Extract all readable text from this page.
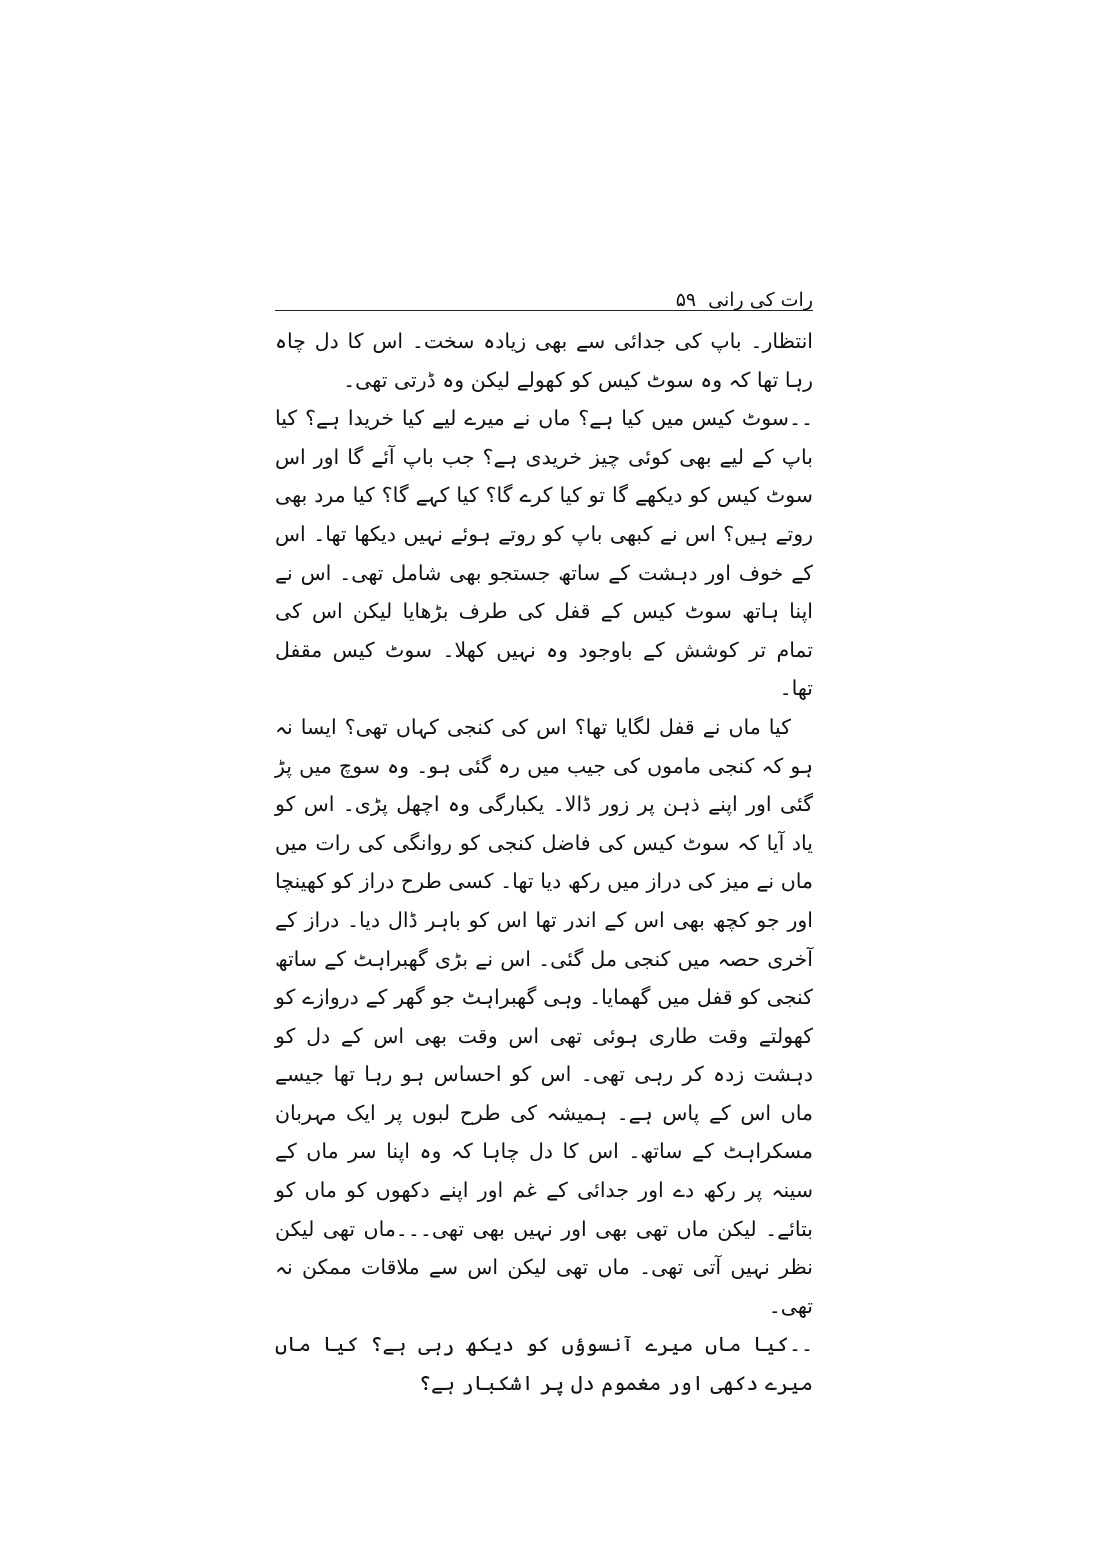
رات کی رانی
۵۹

انتظار۔ باپ کی جدائی سے بھی زیادہ سخت۔ اس کا دل چاہ رہا تھا کہ وہ سوٹ کیس کو کھولے لیکن وہ ڈرتی تھی۔

۔۔سوٹ کیس میں کیا ہے؟ ماں نے میرے لیے کیا خریدا ہے؟ کیا باپ کے لیے بھی کوئی چیز خریدی ہے؟ جب باپ آئے گا اور اس سوٹ کیس کو دیکھے گا تو کیا کرے گا؟ کیا کہے گا؟ کیا مرد بھی روتے ہیں؟ اس نے کبھی باپ کو روتے ہوئے نہیں دیکھا تھا۔ اس کے خوف اور دہشت کے ساتھ جستجو بھی شامل تھی۔ اس نے اپنا ہاتھ سوٹ کیس کے قفل کی طرف بڑھایا لیکن اس کی تمام تر کوشش کے باوجود وہ نہیں کھلا۔ سوٹ کیس مقفل تھا۔

کیا ماں نے قفل لگایا تھا؟ اس کی کنجی کہاں تھی؟ ایسا نہ ہو کہ کنجی ماموں کی جیب میں رہ گئی ہو۔ وہ سوچ میں پڑ گئی اور اپنے ذہن پر زور ڈالا۔ یکبارگی وہ اچھل پڑی۔ اس کو یاد آیا کہ سوٹ کیس کی فاضل کنجی کو روانگی کی رات میں ماں نے میز کی دراز میں رکھ دیا تھا۔ کسی طرح دراز کو کھینچا اور جو کچھ بھی اس کے اندر تھا اس کو باہر ڈال دیا۔ دراز کے آخری حصہ میں کنجی مل گئی۔ اس نے بڑی گھبراہٹ کے ساتھ کنجی کو قفل میں گھمایا۔ وہی گھبراہٹ جو گھر کے دروازے کو کھولتے وقت طاری ہوئی تھی اس وقت بھی اس کے دل کو دہشت زدہ کر رہی تھی۔ اس کو احساس ہو رہا تھا جیسے ماں اس کے پاس ہے۔ ہمیشہ کی طرح لبوں پر ایک مہربان مسکراہٹ کے ساتھ۔ اس کا دل چاہا کہ وہ اپنا سر ماں کے سینہ پر رکھ دے اور جدائی کے غم اور اپنے دکھوں کو ماں کو بتائے۔ لیکن ماں تھی بھی اور نہیں بھی تھی۔۔۔ماں تھی لیکن نظر نہیں آتی تھی۔ ماں تھی لیکن اس سے ملاقات ممکن نہ تھی۔

۔۔کیا ماں میرے آنسوؤں کو دیکھ رہی ہے؟ کیا ماں میرے دکھی اور مغموم دل پر اشکبار ہے؟
